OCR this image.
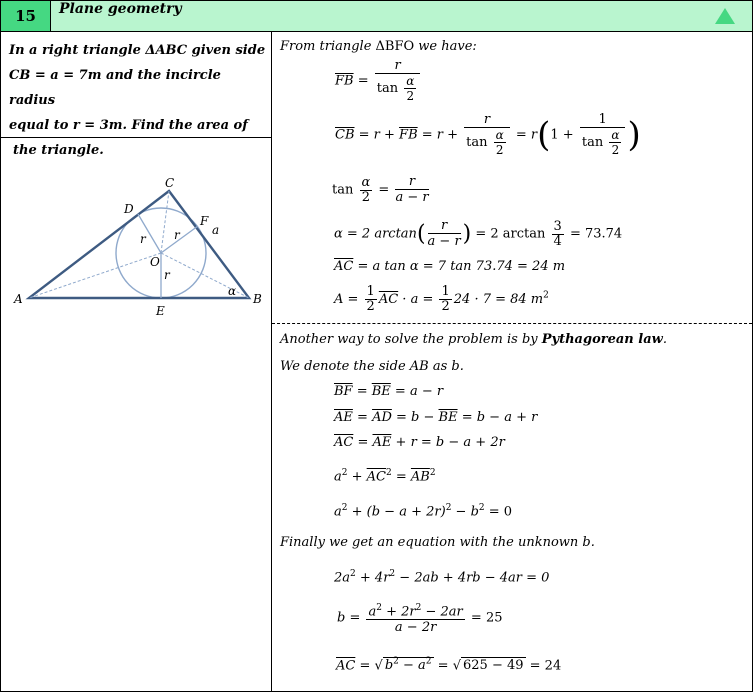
15	Plane geometry
In a right triangle ΔABC given side
CB = a = 7m and the incircle radius
equal to r = 3m. Find the area of
the triangle.
A	B
C
D
E
F
O
r r
r
a
α
From triangle ΔBFO we have:
$\overline{FB} = \frac{r}{\tan \frac{\alpha}{2}}$
$\overline{CB} = r + \overline{FB} = r + \frac{r}{\tan \frac{\alpha}{2}} = r(1 + \frac{1}{\tan \frac{\alpha}{2}}$ )
$\tan \frac{\alpha}{2} = \frac{r}{a - r}$
α = 2 $\arctan( \frac{r}{a - r}) = 2$ $\arctan \frac{3}{4} = 73.74$
$\overline{AC} = a$ tan α = 7 tan 73.74 = 24 m
$A = \frac{1}{2} \overline{AC} \cdot a = \frac{1}{2} 24 \cdot 7 = 84$ $m^2$
Another way to solve the problem is by Pythagorean law.
We denote the side AB as b.
$\overline{BF} = \overline{BE} = a - r$
$\overline{AE} = \overline{AD} = b - \overline{BE} = b - a + r$
$\overline{AC} = \overline{AE} + r = b - a + 2r$
$a^2 + \overline{AC}^2 = \overline{AB}^2$
$a^2 + (b - a + 2r)^2 - b^2 = 0$
Finally we get an equation with the unknown b.
$2a^2 + 4r^2 - 2ab + 4rb - 4ar = 0$
$b = \frac{a^2 + 2r^2 - 2ar}{a - 2r} = 25$
$\overline{AC}$ = √ $b^2 - a^2$ = √ 625 − 49 = 24
